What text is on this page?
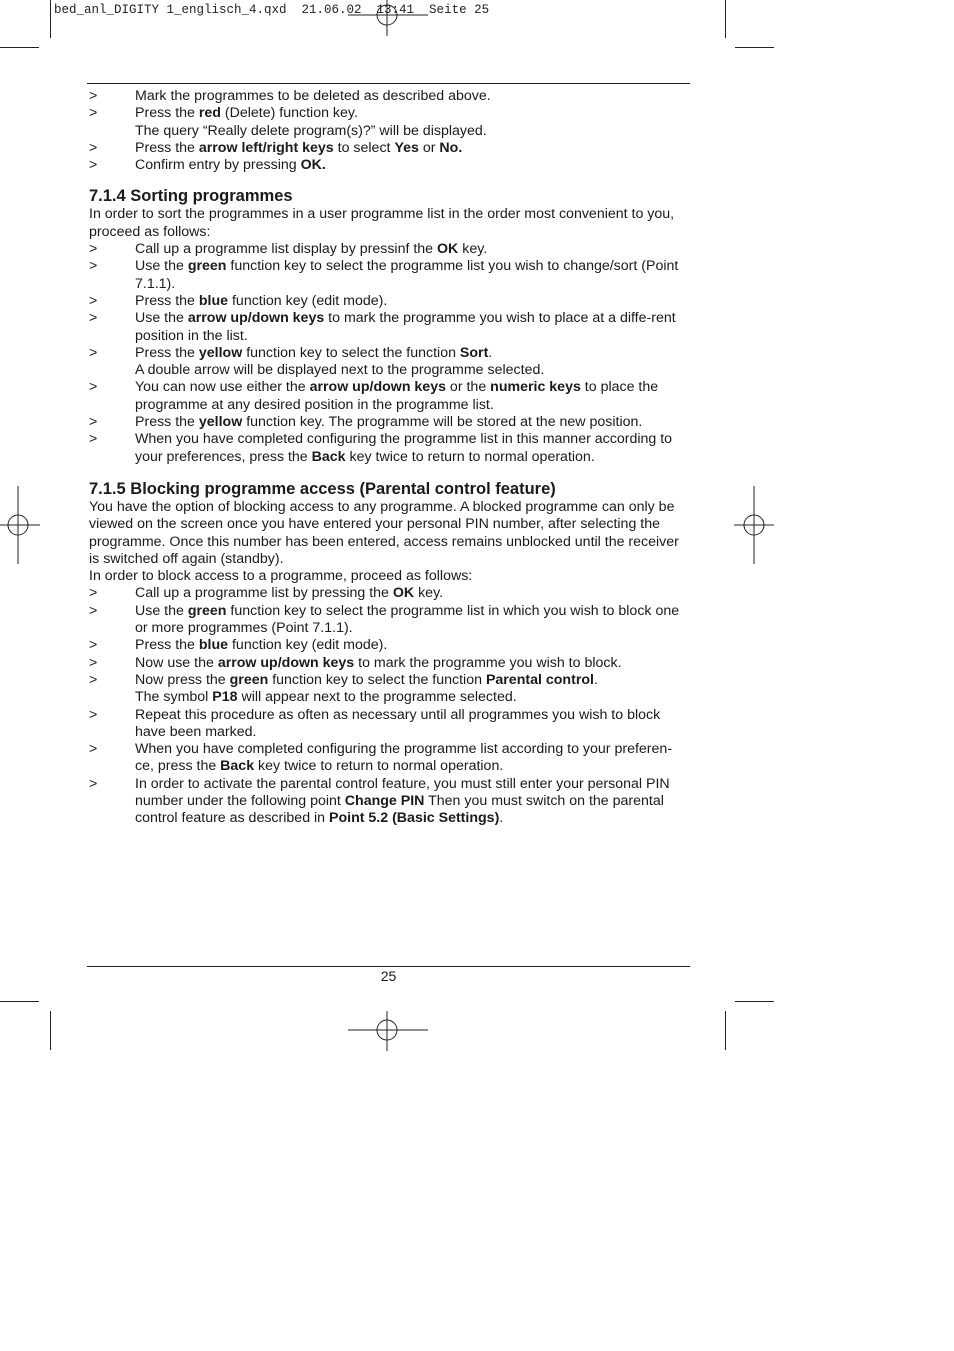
bed_anl_DIGITY 1_englisch_4.qxd  21.06.02  13:41  Seite 25
>	Mark the programmes to be deleted as described above.
>	Press the red (Delete) function key.
The query “Really delete program(s)?” will be displayed.
>	Press the arrow left/right keys to select Yes or No.
>	Confirm entry by pressing OK.
7.1.4 Sorting programmes
In order to sort the programmes in a user programme list in the order most convenient to you, proceed as follows:
>	Call up a programme list display by pressinf the OK key.
>	Use the green function key to select the programme list you wish to change/sort (Point 7.1.1).
>	Press the blue function key (edit mode).
>	Use the arrow up/down keys to mark the programme you wish to place at a diffe-rent position in the list.
>	Press the yellow function key to select the function Sort.
A double arrow will be displayed next to the programme selected.
>	You can now use either the arrow up/down keys or the numeric keys to place the programme at any desired position in the programme list.
>	Press the yellow function key. The programme will be stored at the new position.
>	When you have completed configuring the programme list in this manner according to your preferences, press the Back key twice to return to normal operation.
7.1.5 Blocking programme access (Parental control feature)
You have the option of blocking access to any programme. A blocked programme can only be viewed on the screen once you have entered your personal PIN number, after selecting the programme. Once this number has been entered, access remains unblocked until the receiver is switched off again (standby).
In order to block access to a programme, proceed as follows:
>	Call up a programme list by pressing the OK key.
>	Use the green function key to select the programme list in which you wish to block one or more programmes (Point 7.1.1).
>	Press the blue function key (edit mode).
>	Now use the arrow up/down keys to mark the programme you wish to block.
>	Now press the green function key to select the function Parental control.
The symbol P18 will appear next to the programme selected.
>	Repeat this procedure as often as necessary until all programmes you wish to block have been marked.
>	When you have completed configuring the programme list according to your preferen-ce, press the Back key twice to return to normal operation.
>	In order to activate the parental control feature, you must still enter your personal PIN number under the following point Change PIN Then you must switch on the parental control feature as described in Point 5.2 (Basic Settings).
25
